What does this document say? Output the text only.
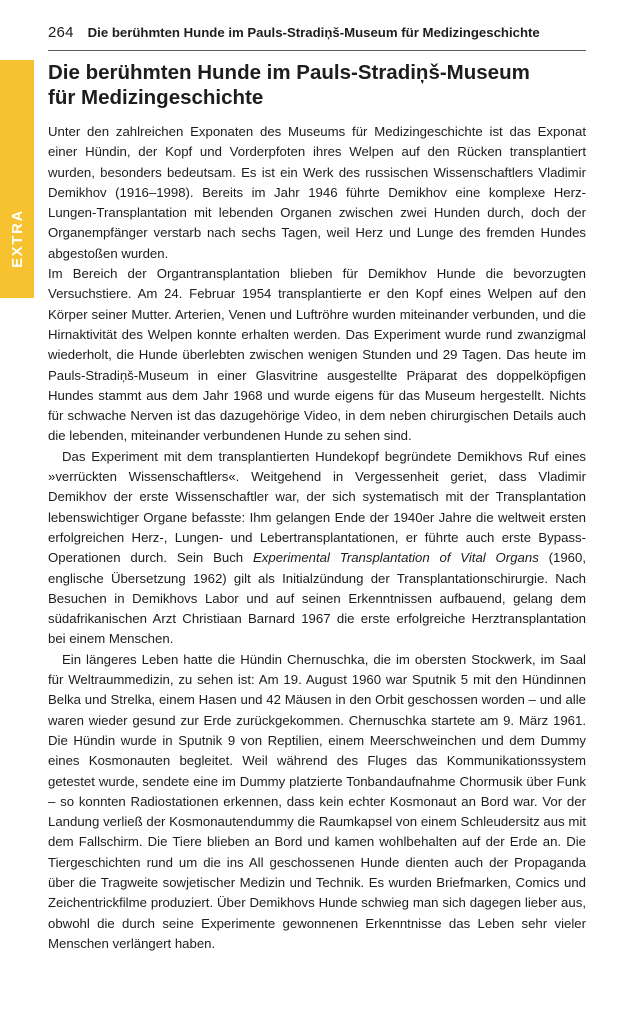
264 Die berühmten Hunde im Pauls-Stradiņš-Museum für Medizingeschichte
EXTRA
Die berühmten Hunde im Pauls-Stradiņš-Museum
für Medizingeschichte

Unter den zahlreichen Exponaten des Museums für Medizingeschichte ist das Exponat einer Hündin, der Kopf und Vorderpfoten ihres Welpen auf den Rücken transplantiert wurden, besonders bedeutsam. Es ist ein Werk des russischen Wissenschaftlers Vladimir Demikhov (1916–1998). Bereits im Jahr 1946 führte Demikhov eine komplexe Herz-Lungen-Transplantation mit lebenden Organen zwischen zwei Hunden durch, doch der Organempfänger verstarb nach sechs Tagen, weil Herz und Lunge des fremden Hundes abgestoßen wurden.

Im Bereich der Organtransplantation blieben für Demikhov Hunde die bevorzugten Versuchstiere. Am 24. Februar 1954 transplantierte er den Kopf eines Welpen auf den Körper seiner Mutter. Arterien, Venen und Luftröhre wurden miteinander verbunden, und die Hirnaktivität des Welpen konnte erhalten werden. Das Experiment wurde rund zwanzigmal wiederholt, die Hunde überlebten zwischen wenigen Stunden und 29 Tagen. Das heute im Pauls-Stradiņš-Museum in einer Glasvitrine ausgestellte Präparat des doppelköpfigen Hundes stammt aus dem Jahr 1968 und wurde eigens für das Museum hergestellt. Nichts für schwache Nerven ist das dazugehörige Video, in dem neben chirurgischen Details auch die lebenden, miteinander verbundenen Hunde zu sehen sind.

Das Experiment mit dem transplantierten Hundekopf begründete Demikhovs Ruf eines »verrückten Wissenschaftlers«. Weitgehend in Vergessenheit geriet, dass Vladimir Demikhov der erste Wissenschaftler war, der sich systematisch mit der Transplantation lebenswichtiger Organe befasste: Ihm gelangen Ende der 1940er Jahre die weltweit ersten erfolgreichen Herz-, Lungen- und Lebertransplantationen, er führte auch erste Bypass-Operationen durch. Sein Buch Experimental Transplantation of Vital Organs (1960, englische Übersetzung 1962) gilt als Initialzündung der Transplantationschirurgie. Nach Besuchen in Demikhovs Labor und auf seinen Erkenntnissen aufbauend, gelang dem südafrikanischen Arzt Christiaan Barnard 1967 die erste erfolgreiche Herztransplantation bei einem Menschen.

Ein längeres Leben hatte die Hündin Chernuschka, die im obersten Stockwerk, im Saal für Weltraummedizin, zu sehen ist: Am 19. August 1960 war Sputnik 5 mit den Hündinnen Belka und Strelka, einem Hasen und 42 Mäusen in den Orbit geschossen worden – und alle waren wieder gesund zur Erde zurückgekommen. Chernuschka startete am 9. März 1961. Die Hündin wurde in Sputnik 9 von Reptilien, einem Meerschweinchen und dem Dummy eines Kosmonauten begleitet. Weil während des Fluges das Kommunikationssystem getestet wurde, sendete eine im Dummy platzierte Tonbandaufnahme Chormusik über Funk – so konnten Radiostationen erkennen, dass kein echter Kosmonaut an Bord war. Vor der Landung verließ der Kosmonautendummy die Raumkapsel von einem Schleudersitz aus mit dem Fallschirm. Die Tiere blieben an Bord und kamen wohlbehalten auf der Erde an. Die Tiergeschichten rund um die ins All geschossenen Hunde dienten auch der Propaganda über die Tragweite sowjetischer Medizin und Technik. Es wurden Briefmarken, Comics und Zeichentrickfilme produziert. Über Demikhovs Hunde schwieg man sich dagegen lieber aus, obwohl die durch seine Experimente gewonnenen Erkenntnisse das Leben sehr vieler Menschen verlängert haben.
